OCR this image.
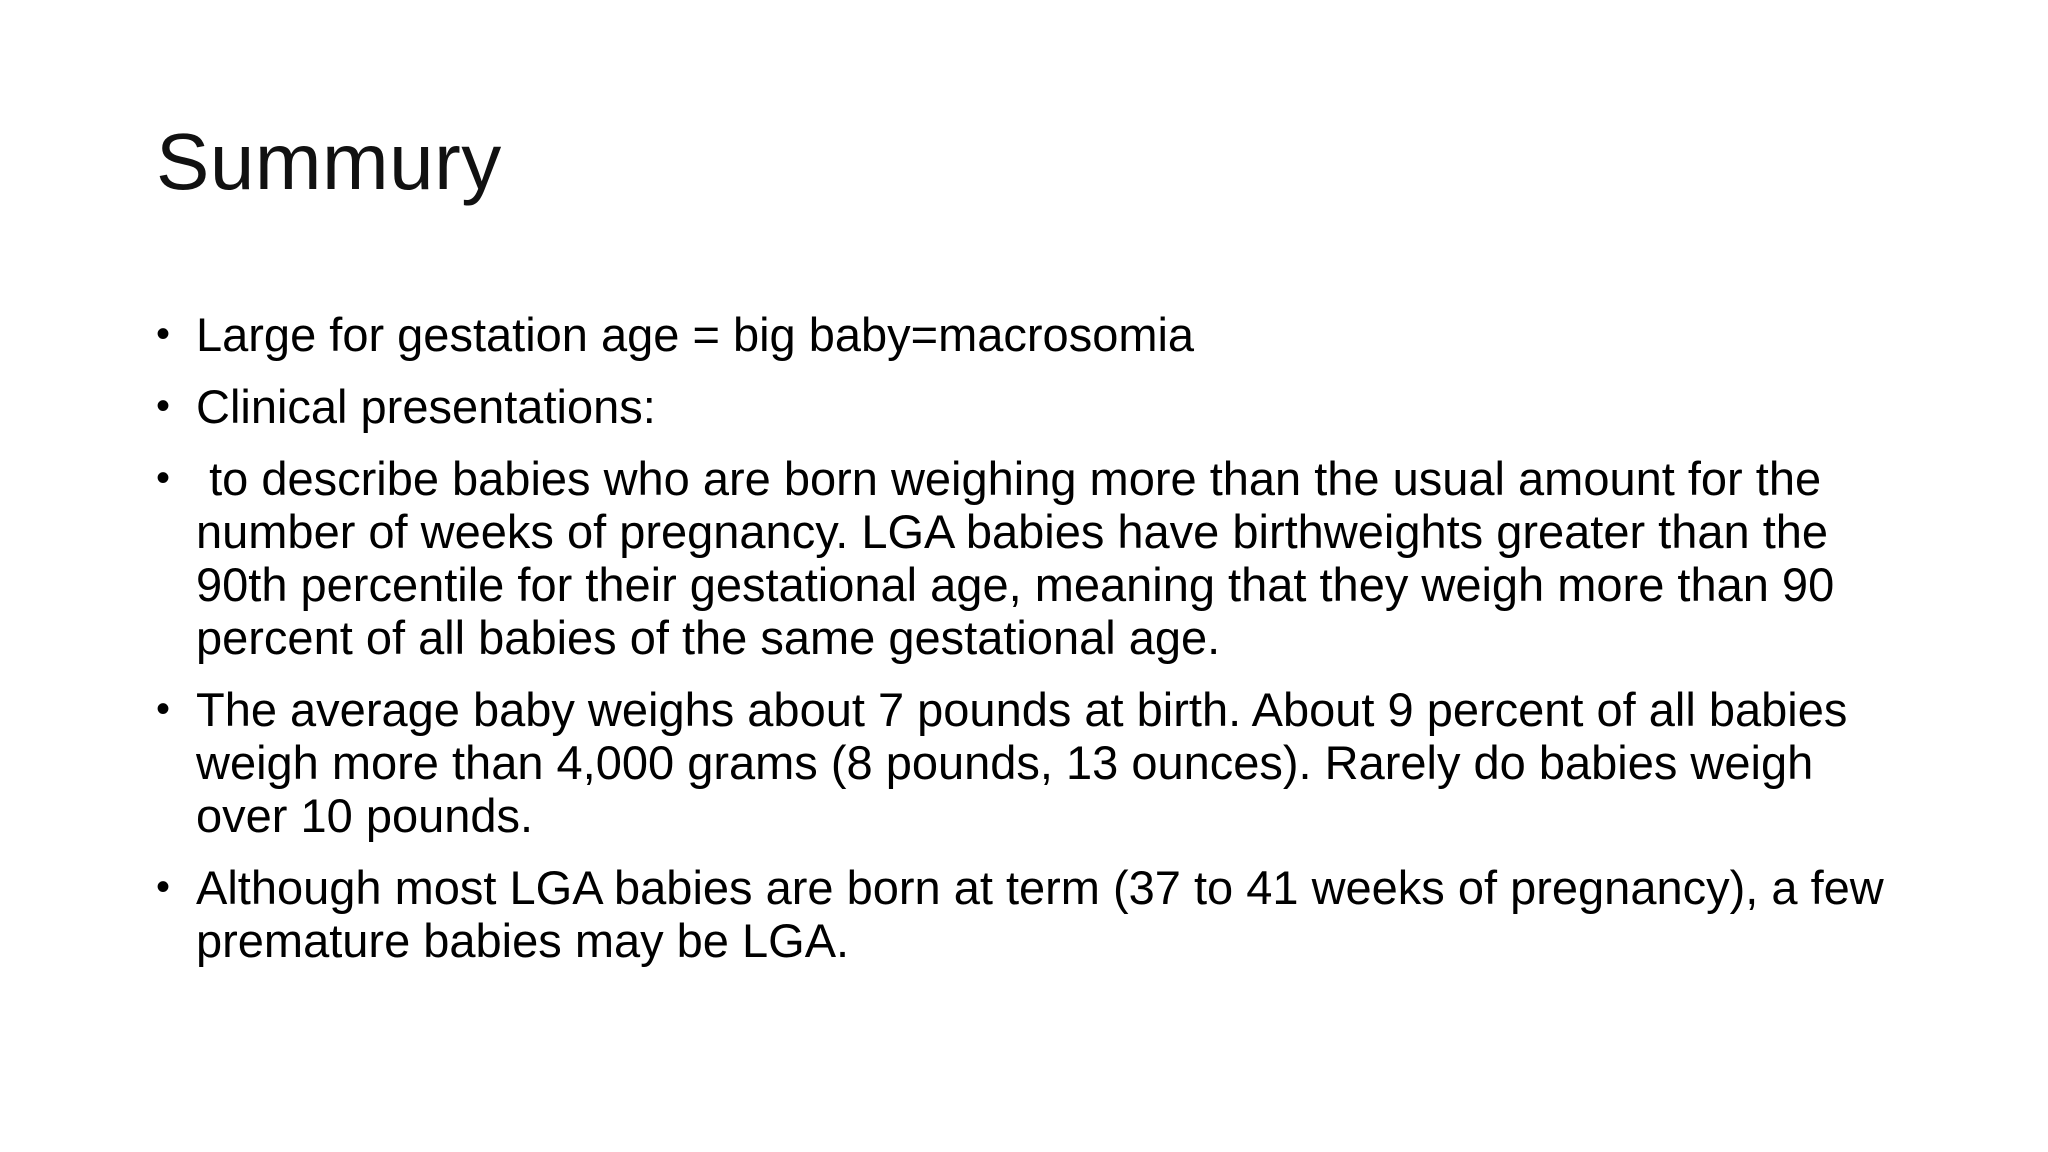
Summury
• Large for gestation age = big baby=macrosomia
• Clinical presentations:
• to describe babies who are born weighing more than the usual amount for the number of weeks of pregnancy. LGA babies have birthweights greater than the 90th percentile for their gestational age, meaning that they weigh more than 90 percent of all babies of the same gestational age.
• The average baby weighs about 7 pounds at birth. About 9 percent of all babies weigh more than 4,000 grams (8 pounds, 13 ounces). Rarely do babies weigh over 10 pounds.
• Although most LGA babies are born at term (37 to 41 weeks of pregnancy), a few premature babies may be LGA.
